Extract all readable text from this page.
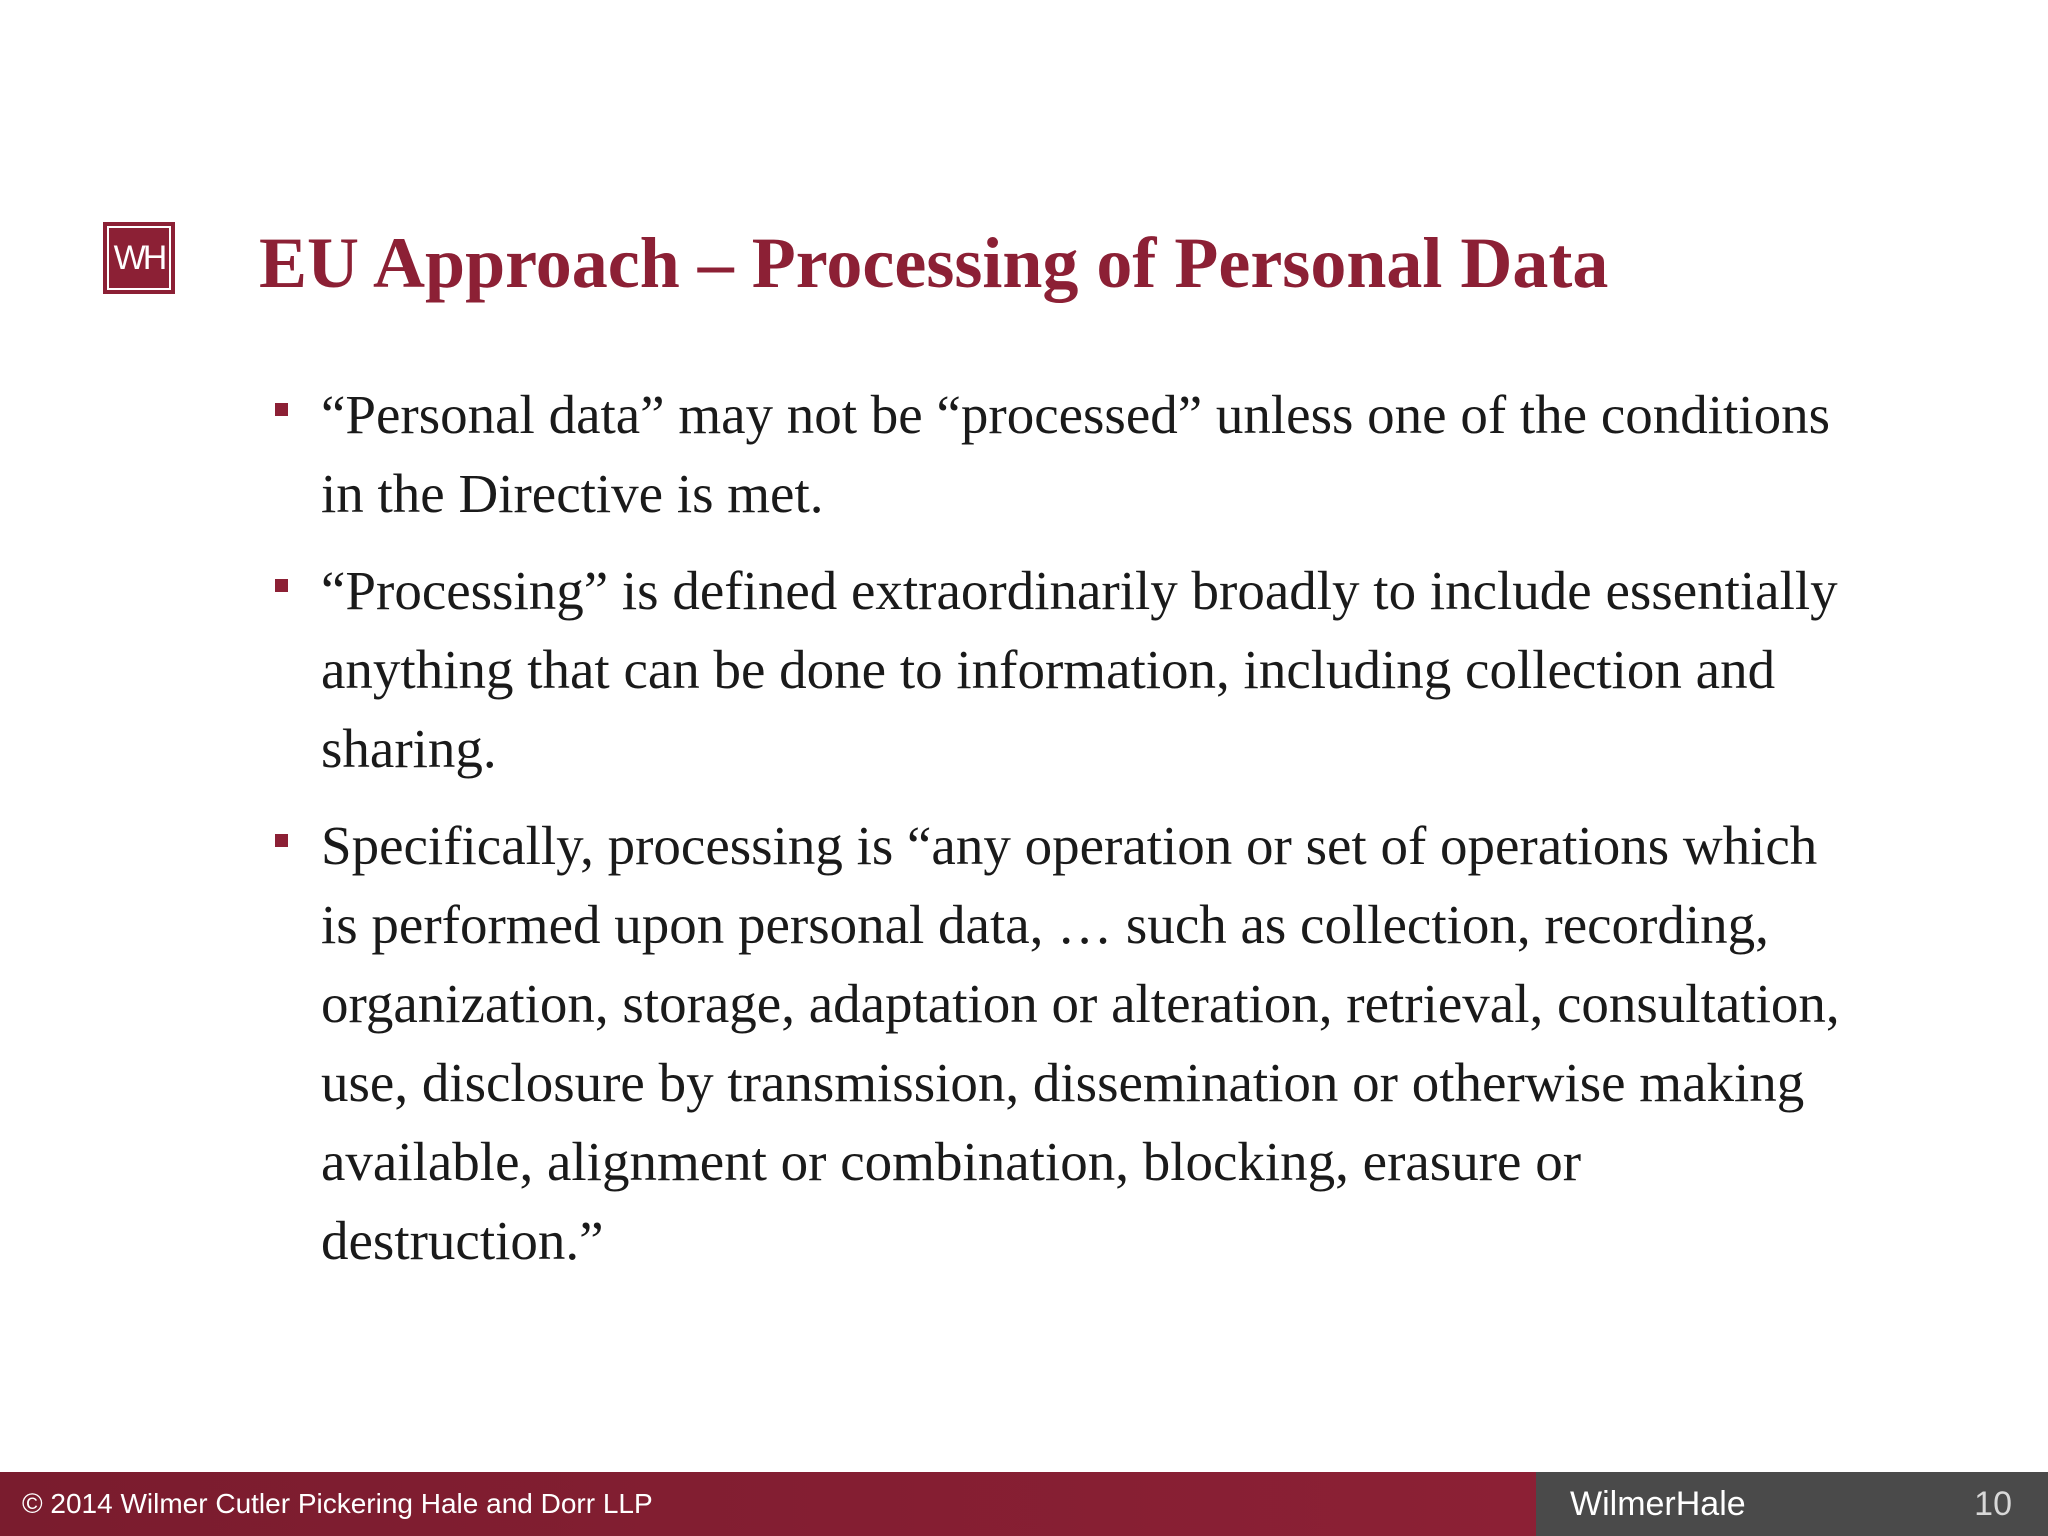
WH EU Approach – Processing of Personal Data
“Personal data” may not be “processed” unless one of the conditions in the Directive is met.
“Processing” is defined extraordinarily broadly to include essentially anything that can be done to information, including collection and sharing.
Specifically, processing is “any operation or set of operations which is performed upon personal data, … such as collection, recording, organization, storage, adaptation or alteration, retrieval, consultation, use, disclosure by transmission, dissemination or otherwise making available, alignment or combination, blocking, erasure or destruction.”
© 2014 Wilmer Cutler Pickering Hale and Dorr LLP	WilmerHale	10
